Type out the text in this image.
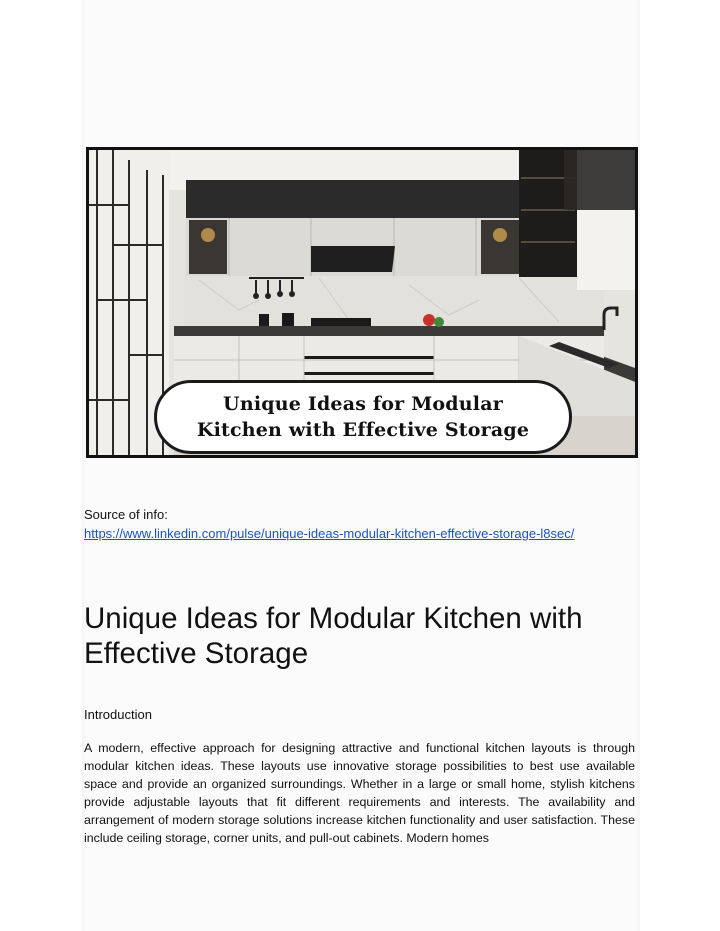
Unique Ideas for Modular
Kitchen with Effective Storage
Source of info:
https://www.linkedin.com/pulse/unique-ideas-modular-kitchen-effective-storage-l8sec/
Unique Ideas for Modular Kitchen with Effective Storage
Introduction

A modern, effective approach for designing attractive and functional kitchen layouts is through modular kitchen ideas. These layouts use innovative storage possibilities to best use available space and provide an organized surroundings. Whether in a large or small home, stylish kitchens provide adjustable layouts that fit different requirements and interests. The availability and arrangement of modern storage solutions increase kitchen functionality and user satisfaction. These include ceiling storage, corner units, and pull-out cabinets. Modern homes
